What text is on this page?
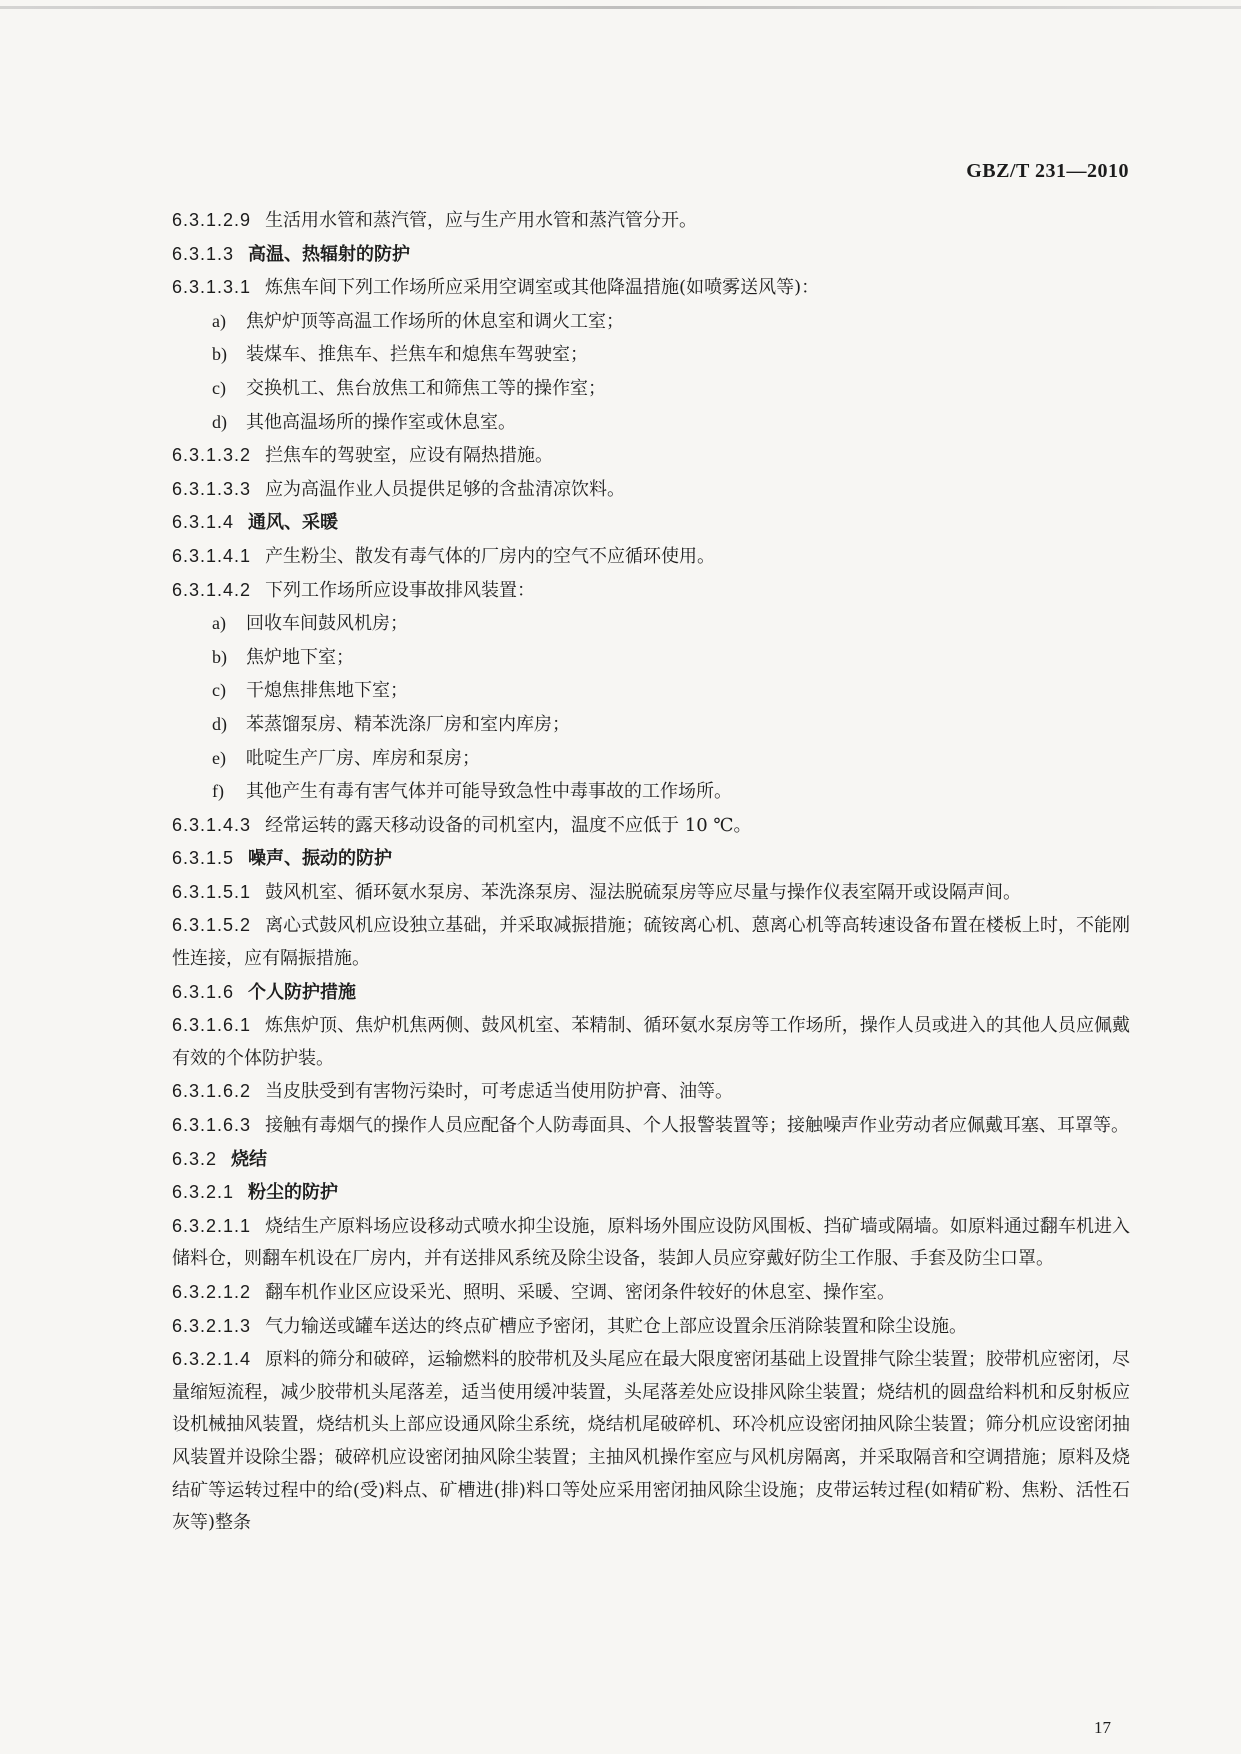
GBZ/T 231—2010

6.3.1.2.9 生活用水管和蒸汽管，应与生产用水管和蒸汽管分开。

6.3.1.3 高温、热辐射的防护

6.3.1.3.1 炼焦车间下列工作场所应采用空调室或其他降温措施(如喷雾送风等)：

a) 焦炉炉顶等高温工作场所的休息室和调火工室；

b) 装煤车、推焦车、拦焦车和熄焦车驾驶室；

c) 交换机工、焦台放焦工和筛焦工等的操作室；

d) 其他高温场所的操作室或休息室。

6.3.1.3.2 拦焦车的驾驶室，应设有隔热措施。

6.3.1.3.3 应为高温作业人员提供足够的含盐清凉饮料。

6.3.1.4 通风、采暖

6.3.1.4.1 产生粉尘、散发有毒气体的厂房内的空气不应循环使用。

6.3.1.4.2 下列工作场所应设事故排风装置：

a) 回收车间鼓风机房；

b) 焦炉地下室；

c) 干熄焦排焦地下室；

d) 苯蒸馏泵房、精苯洗涤厂房和室内库房；

e) 吡啶生产厂房、库房和泵房；

f) 其他产生有毒有害气体并可能导致急性中毒事故的工作场所。

6.3.1.4.3 经常运转的露天移动设备的司机室内，温度不应低于 10 ℃。

6.3.1.5 噪声、振动的防护

6.3.1.5.1 鼓风机室、循环氨水泵房、苯洗涤泵房、湿法脱硫泵房等应尽量与操作仪表室隔开或设隔声间。

6.3.1.5.2 离心式鼓风机应设独立基础，并采取减振措施；硫铵离心机、蒽离心机等高转速设备布置在楼板上时，不能刚性连接，应有隔振措施。

6.3.1.6 个人防护措施

6.3.1.6.1 炼焦炉顶、焦炉机焦两侧、鼓风机室、苯精制、循环氨水泵房等工作场所，操作人员或进入的其他人员应佩戴有效的个体防护装。

6.3.1.6.2 当皮肤受到有害物污染时，可考虑适当使用防护膏、油等。

6.3.1.6.3 接触有毒烟气的操作人员应配备个人防毒面具、个人报警装置等；接触噪声作业劳动者应佩戴耳塞、耳罩等。

6.3.2 烧结

6.3.2.1 粉尘的防护

6.3.2.1.1 烧结生产原料场应设移动式喷水抑尘设施，原料场外围应设防风围板、挡矿墙或隔墙。如原料通过翻车机进入储料仓，则翻车机设在厂房内，并有送排风系统及除尘设备，装卸人员应穿戴好防尘工作服、手套及防尘口罩。

6.3.2.1.2 翻车机作业区应设采光、照明、采暖、空调、密闭条件较好的休息室、操作室。

6.3.2.1.3 气力输送或罐车送达的终点矿槽应予密闭，其贮仓上部应设置余压消除装置和除尘设施。

6.3.2.1.4 原料的筛分和破碎，运输燃料的胶带机及头尾应在最大限度密闭基础上设置排气除尘装置；胶带机应密闭，尽量缩短流程，减少胶带机头尾落差，适当使用缓冲装置，头尾落差处应设排风除尘装置；烧结机的圆盘给料机和反射板应设机械抽风装置，烧结机头上部应设通风除尘系统，烧结机尾破碎机、环冷机应设密闭抽风除尘装置；筛分机应设密闭抽风装置并设除尘器；破碎机应设密闭抽风除尘装置；主抽风机操作室应与风机房隔离，并采取隔音和空调措施；原料及烧结矿等运转过程中的给(受)料点、矿槽进(排)料口等处应采用密闭抽风除尘设施；皮带运转过程(如精矿粉、焦粉、活性石灰等)整条

17
